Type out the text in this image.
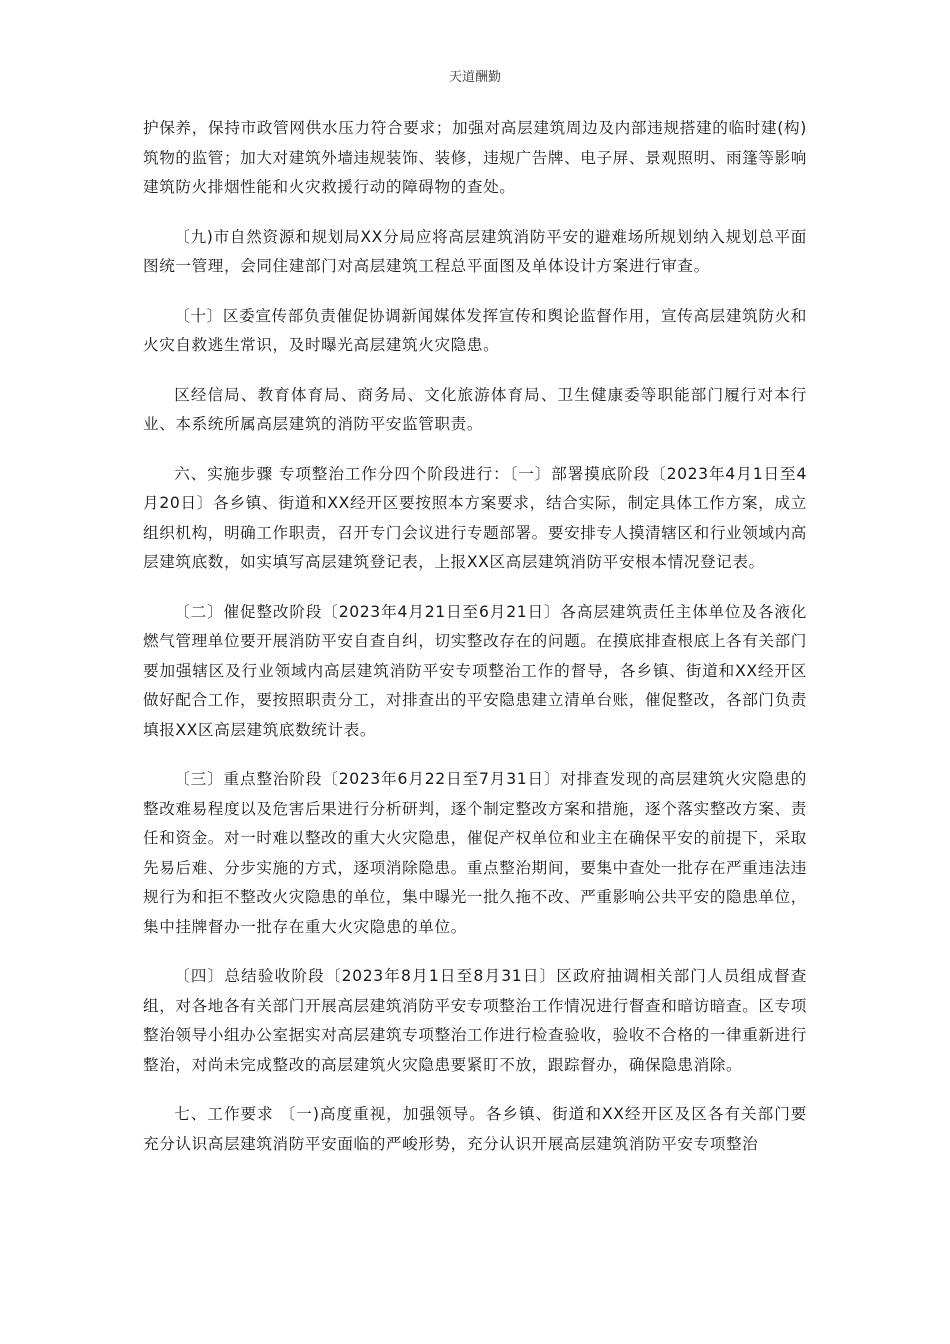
天道酬勤

护保养，保持市政管网供水压力符合要求；加强对高层建筑周边及内部违规搭建的临时建(构)筑物的监管；加大对建筑外墙违规装饰、装修，违规广告牌、电子屏、景观照明、雨篷等影响建筑防火排烟性能和火灾救援行动的障碍物的查处。

〔九)市自然资源和规划局XX分局应将高层建筑消防平安的避难场所规划纳入规划总平面图统一管理，会同住建部门对高层建筑工程总平面图及单体设计方案进行审查。

〔十〕区委宣传部负责催促协调新闻媒体发挥宣传和舆论监督作用，宣传高层建筑防火和火灾自救逃生常识，及时曝光高层建筑火灾隐患。

区经信局、教育体育局、商务局、文化旅游体育局、卫生健康委等职能部门履行对本行业、本系统所属高层建筑的消防平安监管职责。

六、实施步骤 专项整治工作分四个阶段进行：〔一〕部署摸底阶段〔2023年4月1日至4月20日〕各乡镇、街道和XX经开区要按照本方案要求，结合实际，制定具体工作方案，成立组织机构，明确工作职责，召开专门会议进行专题部署。要安排专人摸清辖区和行业领域内高层建筑底数，如实填写高层建筑登记表，上报XX区高层建筑消防平安根本情况登记表。

〔二〕催促整改阶段〔2023年4月21日至6月21日〕各高层建筑责任主体单位及各液化燃气管理单位要开展消防平安自查自纠，切实整改存在的问题。在摸底排查根底上各有关部门要加强辖区及行业领域内高层建筑消防平安专项整治工作的督导，各乡镇、街道和XX经开区做好配合工作，要按照职责分工，对排查出的平安隐患建立清单台账，催促整改，各部门负责填报XX区高层建筑底数统计表。

〔三〕重点整治阶段〔2023年6月22日至7月31日〕对排查发现的高层建筑火灾隐患的整改难易程度以及危害后果进行分析研判，逐个制定整改方案和措施，逐个落实整改方案、责任和资金。对一时难以整改的重大火灾隐患，催促产权单位和业主在确保平安的前提下，采取先易后难、分步实施的方式，逐项消除隐患。重点整治期间，要集中查处一批存在严重违法违规行为和拒不整改火灾隐患的单位，集中曝光一批久拖不改、严重影响公共平安的隐患单位，集中挂牌督办一批存在重大火灾隐患的单位。

〔四〕总结验收阶段〔2023年8月1日至8月31日〕区政府抽调相关部门人员组成督查组，对各地各有关部门开展高层建筑消防平安专项整治工作情况进行督查和暗访暗查。区专项整治领导小组办公室据实对高层建筑专项整治工作进行检查验收，验收不合格的一律重新进行整治，对尚未完成整改的高层建筑火灾隐患要紧盯不放，跟踪督办，确保隐患消除。

七、工作要求 〔一)高度重视，加强领导。各乡镇、街道和XX经开区及区各有关部门要充分认识高层建筑消防平安面临的严峻形势，充分认识开展高层建筑消防平安专项整治
